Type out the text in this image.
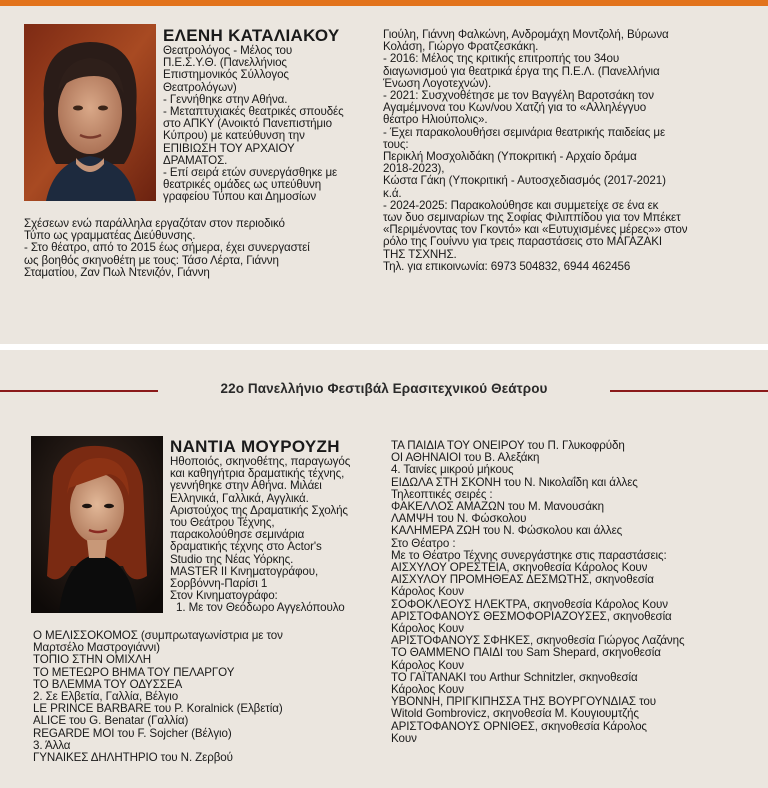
ΕΛΕΝΗ ΚΑΤΑΛΙΑΚΟΥ
Θεατρολόγος - Μέλος του
Π.Ε.Σ.Υ.Θ. (Πανελλήνιος
Επιστημονικός Σύλλογος
Θεατρολόγων)
- Γεννήθηκε στην Αθήνα.
- Μεταπτυχιακές θεατρικές σπουδές
στο ΑΠΚΥ (Ανοικτό Πανεπιστήμιο
Κύπρου) με κατεύθυνση την
ΕΠΙΒΙΩΣΗ ΤΟΥ ΑΡΧΑΙΟΥ
ΔΡΑΜΑΤΟΣ.
- Επί σειρά ετών συνεργάσθηκε με
θεατρικές ομάδες ως υπεύθυνη
γραφείου Τύπου και Δημοσίων
Σχέσεων ενώ παράλληλα εργαζόταν στον περιοδικό
Τύπο ως γραμματέας Διεύθυνσης.
- Στο θέατρο, από το 2015 έως σήμερα, έχει συνεργαστεί
ως βοηθός σκηνοθέτη με τους: Τάσο Λέρτα, Γιάννη
Σταματίου, Ζαν Πωλ Ντενιζόν, Γιάννη
Γιούλη, Γιάννη Φαλκώνη, Ανδρομάχη Μοντζολή, Βύρωνα
Κολάση, Γιώργο Φρατζεσκάκη.
- 2016: Μέλος της κριτικής επιτροπής του 34ου
διαγωνισμού για θεατρικά έργα της Π.Ε.Λ. (Πανελλήνια
Ένωση Λογοτεχνών).
- 2021: Συσχνοθέτησε με τον Βαγγέλη Βαροτσάκη τον
Αγαμέμνονα του Κων/νου Χατζή για το «Αλληλέγγυο
θέατρο Ηλιούπολις».
- Έχει παρακολουθήσει σεμινάρια θεατρικής παιδείας με
τους:
Περικλή Μοσχολιδάκη (Υποκριτική - Αρχαίο δράμα
2018-2023),
Κώστα Γάκη (Υποκριτική - Αυτοσχεδιασμός (2017-2021)
κ.ά.
- 2024-2025: Παρακολούθησε και συμμετείχε σε ένα εκ
των δυο σεμιναρίων της Σοφίας Φιλιππίδου για τον Μπέκετ
«Περιμένοντας τον Γκοντό» και «Ευτυχισμένες μέρες»» στον
ρόλο της Γουίννυ για τρεις παραστάσεις στο ΜΑΓΑΖΑΚΙ
ΤΗΣ ΤΣΧΝΗΣ.
Τηλ. για επικοινωνία: 6973 504832, 6944 462456
22ο Πανελλήνιο Φεστιβάλ Ερασιτεχνικού Θεάτρου
ΝΑΝΤΙΑ ΜΟΥΡΟΥΖΗ
Ηθοποιός, σκηνοθέτης, παραγωγός
και καθηγήτρια δραματικής τέχνης,
γεννήθηκε στην Αθήνα. Μιλάει
Ελληνικά, Γαλλικά, Αγγλικά.
Αριστούχος της Δραματικής Σχολής
του Θεάτρου Τέχνης,
παρακολούθησε σεμινάρια
δραματικής τέχνης στο Actor's
Studio της Νέας Υόρκης.
MASTER ΙΙ Κινηματογράφου,
Σορβόννη-Παρίσι 1
Στον Κινηματογράφο:
1. Με τον Θεόδωρο Αγγελόπουλο
Ο ΜΕΛΙΣΣΟΚΟΜΟΣ (συμπρωταγωνίστρια με τον
Μαρτσέλο Μαστρογιάννι)
ΤΟΠΙΟ ΣΤΗΝ ΟΜΙΧΛΗ
ΤΟ ΜΕΤΕΩΡΟ ΒΗΜΑ ΤΟΥ ΠΕΛΑΡΓΟΥ
ΤΟ ΒΛΕΜΜΑ ΤΟΥ ΟΔΥΣΣΕΑ
2. Σε Ελβετία, Γαλλία, Βέλγιο
LE PRINCE BARBARE του P. Koralnick (Ελβετία)
ALICE του G. Benatar (Γαλλία)
REGARDE MOI του F. Sojcher (Βέλγιο)
3. Άλλα
ΓΥΝΑΙΚΕΣ ΔΗΛΗΤΗΡΙΟ του Ν. Ζερβού
ΤΑ ΠΑΙΔΙΑ ΤΟΥ ΟΝΕΙΡΟΥ του Π. Γλυκοφρύδη
ΟΙ ΑΘΗΝΑΙΟΙ του Β. Αλεξάκη
4. Ταινίες μικρού μήκους
ΕΙΔΩΛΑ ΣΤΗ ΣΚΟΝΗ του Ν. Νικολαΐδη και άλλες
Τηλεοπτικές σειρές :
ΦΑΚΕΛΛΟΣ ΑΜΑΖΩΝ του Μ. Μανουσάκη
ΛΑΜΨΗ του Ν. Φώσκολου
ΚΑΛΗΜΕΡΑ ΖΩΗ του Ν. Φώσκολου και άλλες
Στο Θέατρο :
Με το Θέατρο Τέχνης συνεργάστηκε στις παραστάσεις:
ΑΙΣΧΥΛΟΥ ΟΡΕΣΤΕΙΑ, σκηνοθεσία Κάρολος Κουν
ΑΙΣΧΥΛΟΥ ΠΡΟΜΗΘΕΑΣ ΔΕΣΜΩΤΗΣ, σκηνοθεσία
Κάρολος Κουν
ΣΟΦΟΚΛΕΟΥΣ ΗΛΕΚΤΡΑ, σκηνοθεσία Κάρολος Κουν
ΑΡΙΣΤΟΦΑΝΟΥΣ ΘΕΣΜΟΦΟΡΙΑΖΟΥΣΕΣ, σκηνοθεσία
Κάρολος Κουν
ΑΡΙΣΤΟΦΑΝΟΥΣ ΣΦΗΚΕΣ, σκηνοθεσία Γιώργος Λαζάνης
ΤΟ ΘΑΜΜΕΝΟ ΠΑΙΔΙ του Sam Shepard, σκηνοθεσία
Κάρολος Κουν
ΤΟ ΓΑΪΤΑΝΑΚΙ του Arthur Schnitzler, σκηνοθεσία
Κάρολος Κουν
ΥΒΟΝΝΗ, ΠΡΙΓΚΙΠΗΣΣΑ ΤΗΣ ΒΟΥΡΓΟΥΝΔΙΑΣ του
Witold Gombrovicz, σκηνοθεσία Μ. Κουγιουμτζής
ΑΡΙΣΤΟΦΑΝΟΥΣ ΟΡΝΙΘΕΣ, σκηνοθεσία Κάρολος
Κουν
